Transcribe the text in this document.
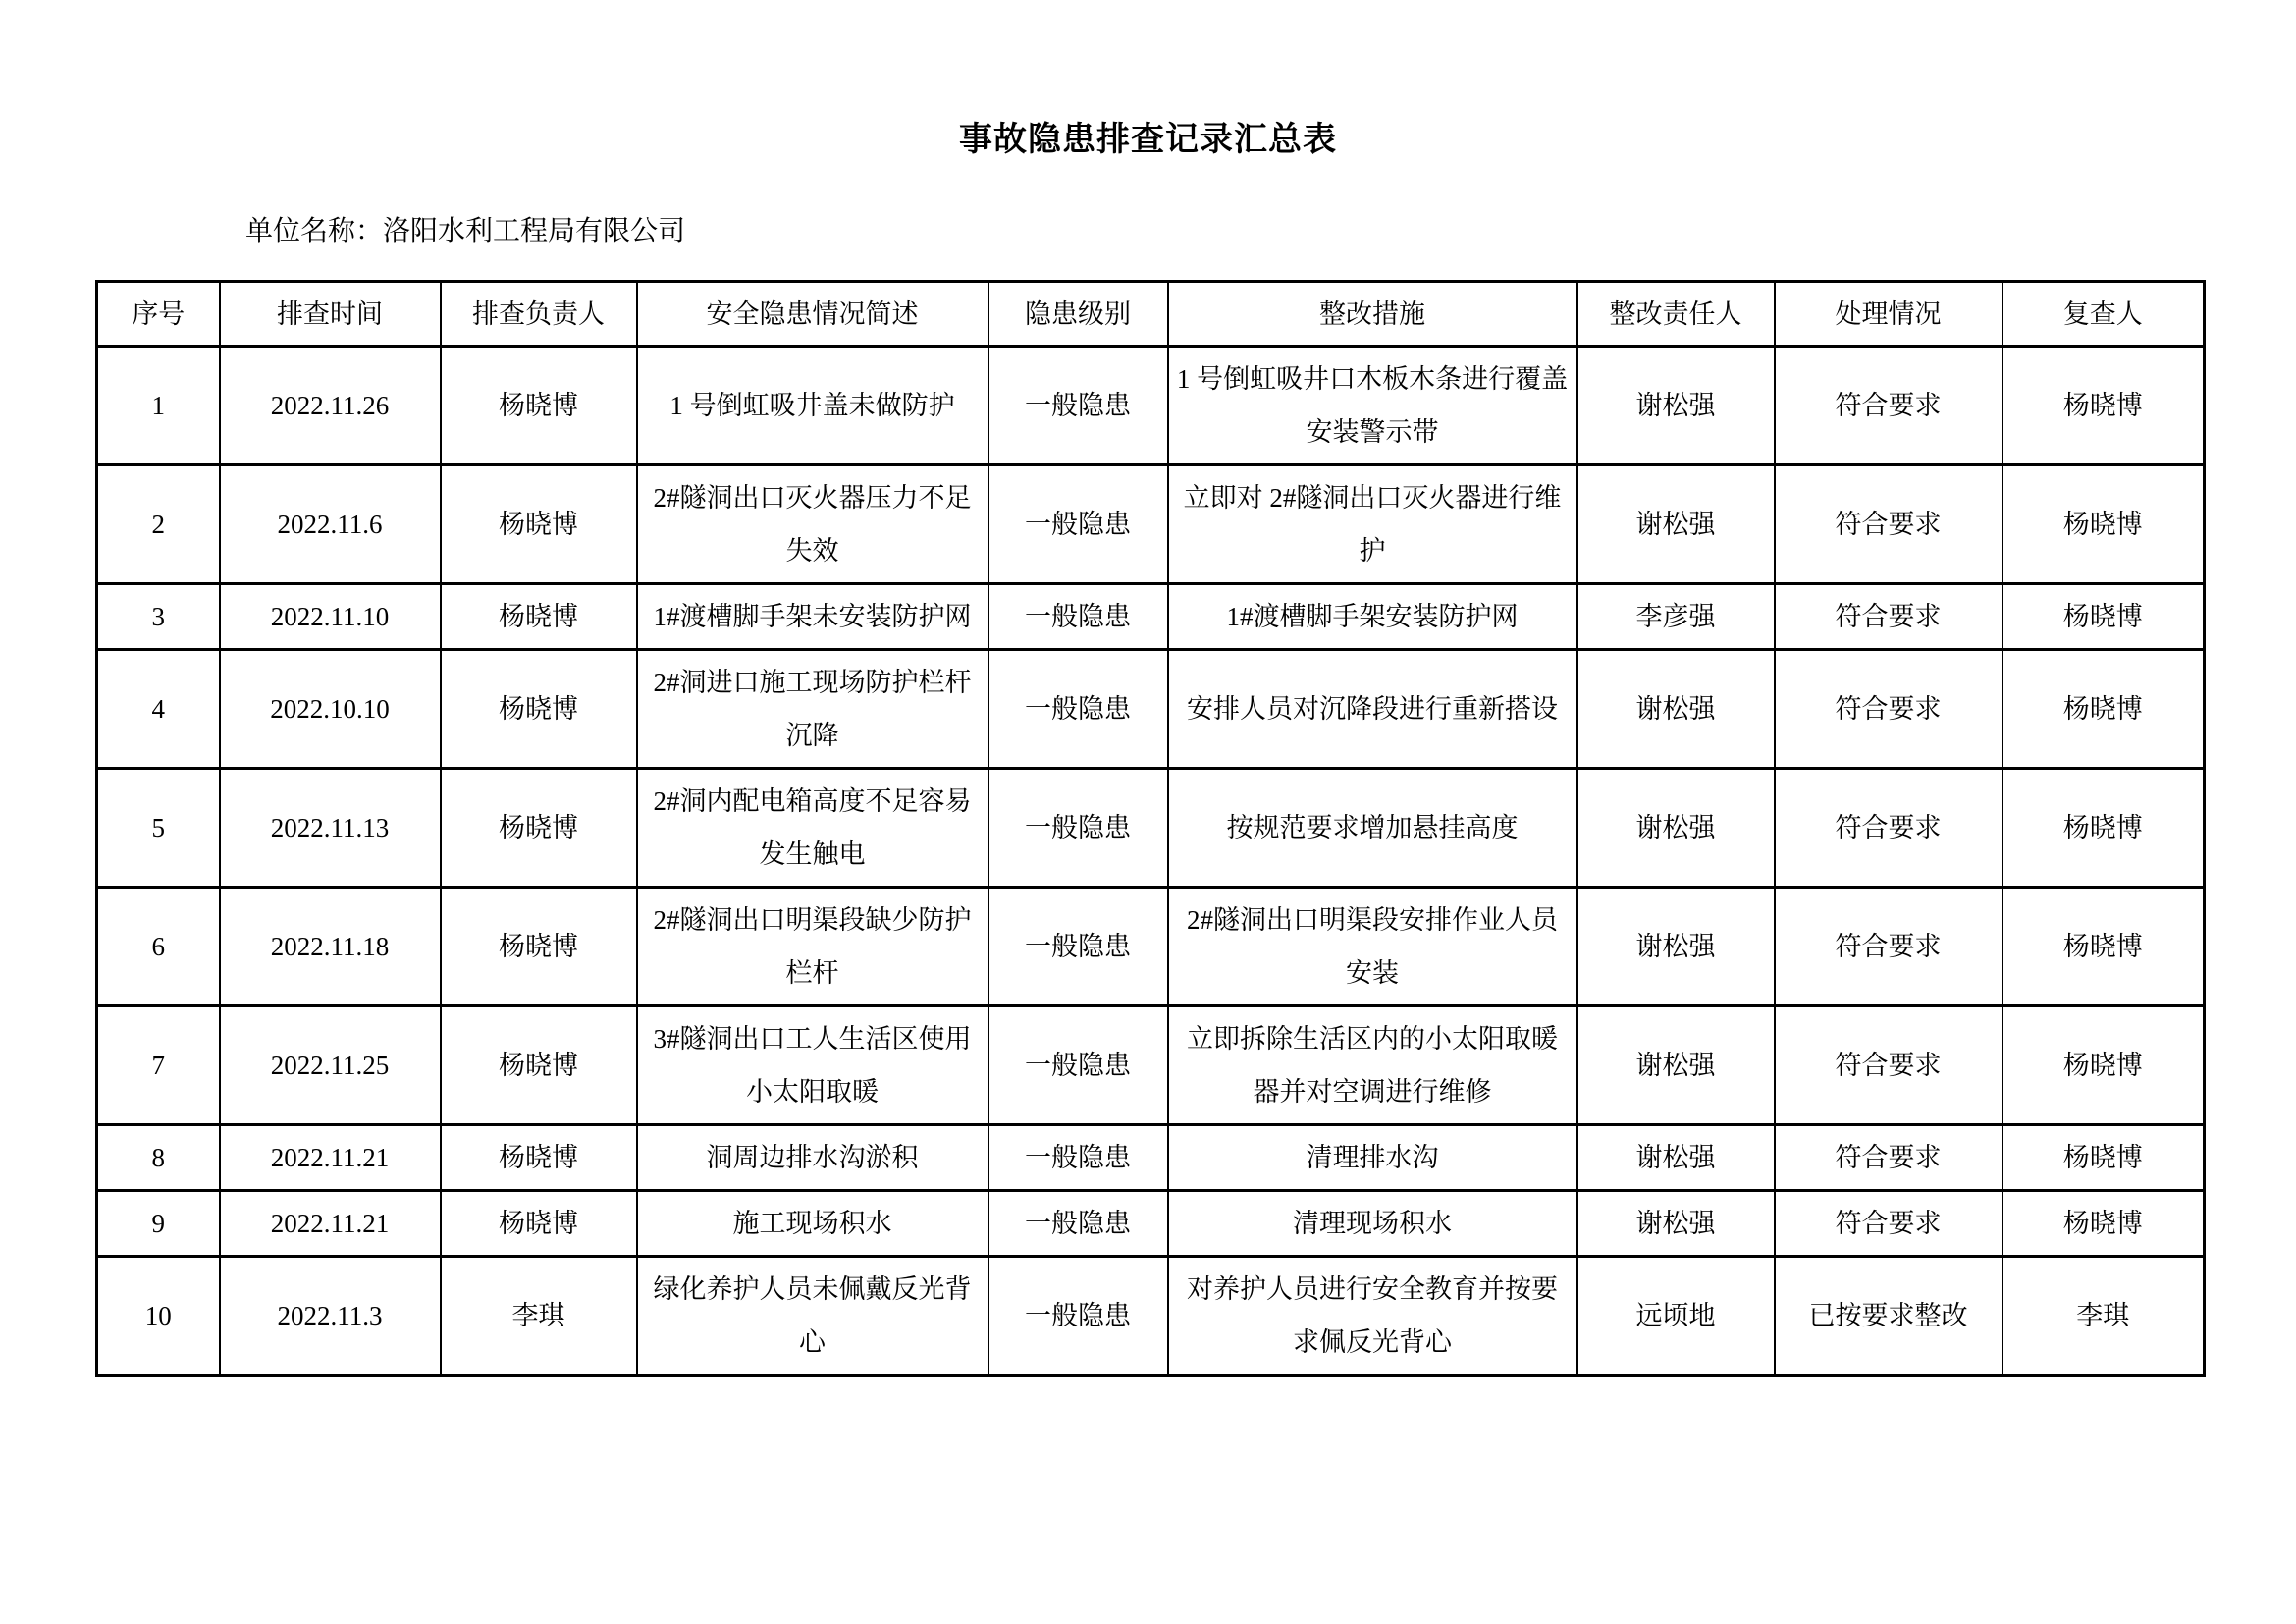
事故隐患排查记录汇总表
单位名称：洛阳水利工程局有限公司
序号	排查时间	排查负责人	安全隐患情况简述	隐患级别	整改措施	整改责任人	处理情况	复查人
1	2022.11.26	杨晓博	1 号倒虹吸井盖未做防护	一般隐患	1 号倒虹吸井口木板木条进行覆盖安装警示带	谢松强	符合要求	杨晓博
2	2022.11.6	杨晓博	2#隧洞出口灭火器压力不足失效	一般隐患	立即对 2#隧洞出口灭火器进行维护	谢松强	符合要求	杨晓博
3	2022.11.10	杨晓博	1#渡槽脚手架未安装防护网	一般隐患	1#渡槽脚手架安装防护网	李彦强	符合要求	杨晓博
4	2022.10.10	杨晓博	2#洞进口施工现场防护栏杆沉降	一般隐患	安排人员对沉降段进行重新搭设	谢松强	符合要求	杨晓博
5	2022.11.13	杨晓博	2#洞内配电箱高度不足容易发生触电	一般隐患	按规范要求增加悬挂高度	谢松强	符合要求	杨晓博
6	2022.11.18	杨晓博	2#隧洞出口明渠段缺少防护栏杆	一般隐患	2#隧洞出口明渠段安排作业人员安装	谢松强	符合要求	杨晓博
7	2022.11.25	杨晓博	3#隧洞出口工人生活区使用小太阳取暖	一般隐患	立即拆除生活区内的小太阳取暖器并对空调进行维修	谢松强	符合要求	杨晓博
8	2022.11.21	杨晓博	洞周边排水沟淤积	一般隐患	清理排水沟	谢松强	符合要求	杨晓博
9	2022.11.21	杨晓博	施工现场积水	一般隐患	清理现场积水	谢松强	符合要求	杨晓博
10	2022.11.3	李琪	绿化养护人员未佩戴反光背心	一般隐患	对养护人员进行安全教育并按要求佩反光背心	远顷地	已按要求整改	李琪
